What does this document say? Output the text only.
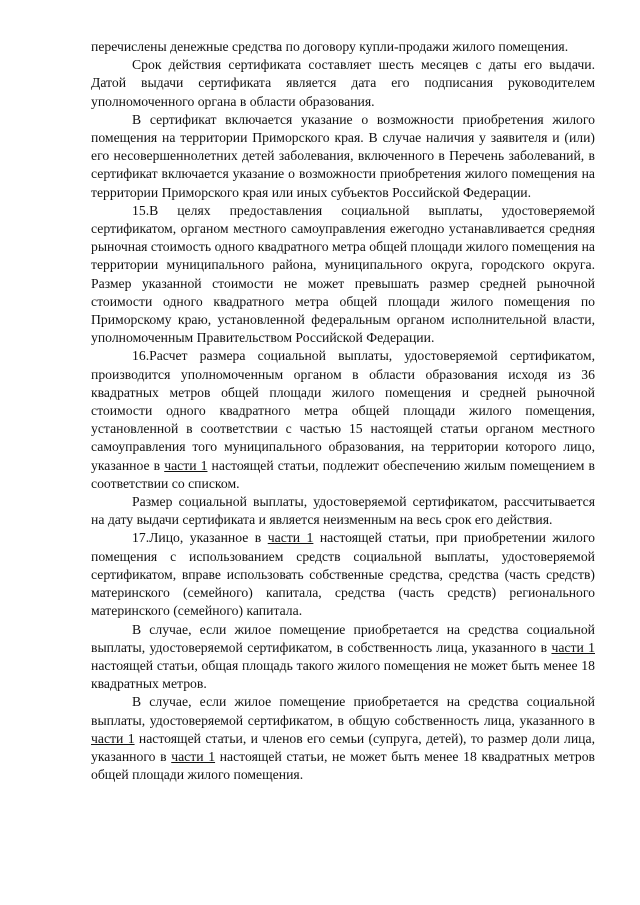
перечислены денежные средства по договору купли-продажи жилого помещения.

Срок действия сертификата составляет шесть месяцев с даты его выдачи. Датой выдачи сертификата является дата его подписания руководителем уполномоченного органа в области образования.

В сертификат включается указание о возможности приобретения жилого помещения на территории Приморского края. В случае наличия у заявителя и (или) его несовершеннолетних детей заболевания, включенного в Перечень заболеваний, в сертификат включается указание о возможности приобретения жилого помещения на территории Приморского края или иных субъектов Российской Федерации.

15.В целях предоставления социальной выплаты, удостоверяемой сертификатом, органом местного самоуправления ежегодно устанавливается средняя рыночная стоимость одного квадратного метра общей площади жилого помещения на территории муниципального района, муниципального округа, городского округа. Размер указанной стоимости не может превышать размер средней рыночной стоимости одного квадратного метра общей площади жилого помещения по Приморскому краю, установленной федеральным органом исполнительной власти, уполномоченным Правительством Российской Федерации.

16.Расчет размера социальной выплаты, удостоверяемой сертификатом, производится уполномоченным органом в области образования исходя из 36 квадратных метров общей площади жилого помещения и средней рыночной стоимости одного квадратного метра общей площади жилого помещения, установленной в соответствии с частью 15 настоящей статьи органом местного самоуправления того муниципального образования, на территории которого лицо, указанное в части 1 настоящей статьи, подлежит обеспечению жилым помещением в соответствии со списком.

Размер социальной выплаты, удостоверяемой сертификатом, рассчитывается на дату выдачи сертификата и является неизменным на весь срок его действия.

17.Лицо, указанное в части 1 настоящей статьи, при приобретении жилого помещения с использованием средств социальной выплаты, удостоверяемой сертификатом, вправе использовать собственные средства, средства (часть средств) материнского (семейного) капитала, средства (часть средств) регионального материнского (семейного) капитала.

В случае, если жилое помещение приобретается на средства социальной выплаты, удостоверяемой сертификатом, в собственность лица, указанного в части 1 настоящей статьи, общая площадь такого жилого помещения не может быть менее 18 квадратных метров.

В случае, если жилое помещение приобретается на средства социальной выплаты, удостоверяемой сертификатом, в общую собственность лица, указанного в части 1 настоящей статьи, и членов его семьи (супруга, детей), то размер доли лица, указанного в части 1 настоящей статьи, не может быть менее 18 квадратных метров общей площади жилого помещения.
